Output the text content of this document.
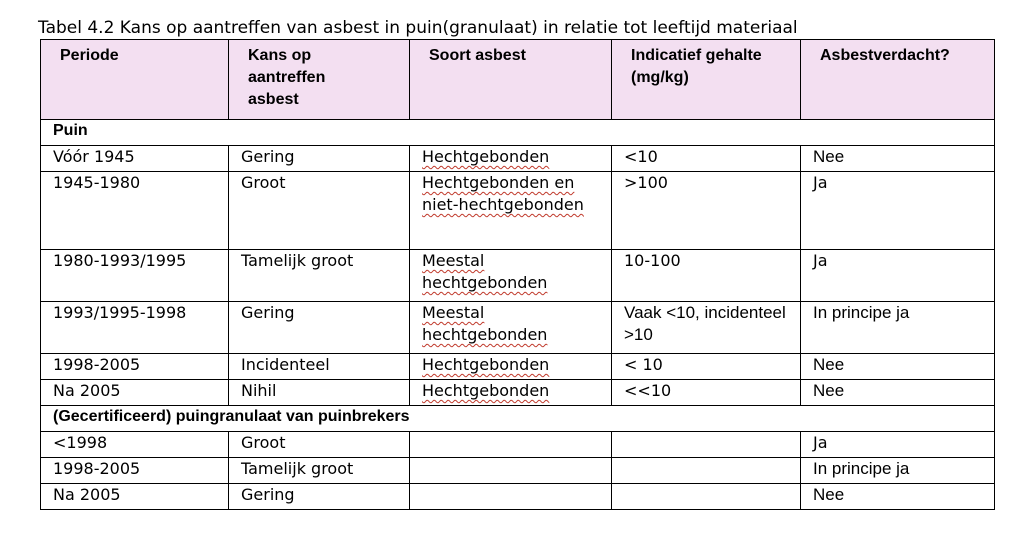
Tabel 4.2 Kans op aantreffen van asbest in puin(granulaat) in relatie tot leeftijd materiaal
Periode	Kans op aantreffen asbest	Soort asbest	Indicatief gehalte (mg/kg)	Asbestverdacht?
Puin				
Vóór 1945	Gering	Hechtgebonden	<10	Nee
1945-1980	Groot	Hechtgebonden en niet-hechtgebonden	>100	Ja
1980-1993/1995	Tamelijk groot	Meestal hechtgebonden	10-100	Ja
1993/1995-1998	Gering	Meestal hechtgebonden	Vaak <10, incidenteel >10	In principe ja
1998-2005	Incidenteel	Hechtgebonden	< 10	Nee
Na 2005	Nihil	Hechtgebonden	<<10	Nee
(Gecertificeerd) puingranulaat van puinbrekers				
<1998	Groot			Ja
1998-2005	Tamelijk groot			In principe ja
Na 2005	Gering			Nee
